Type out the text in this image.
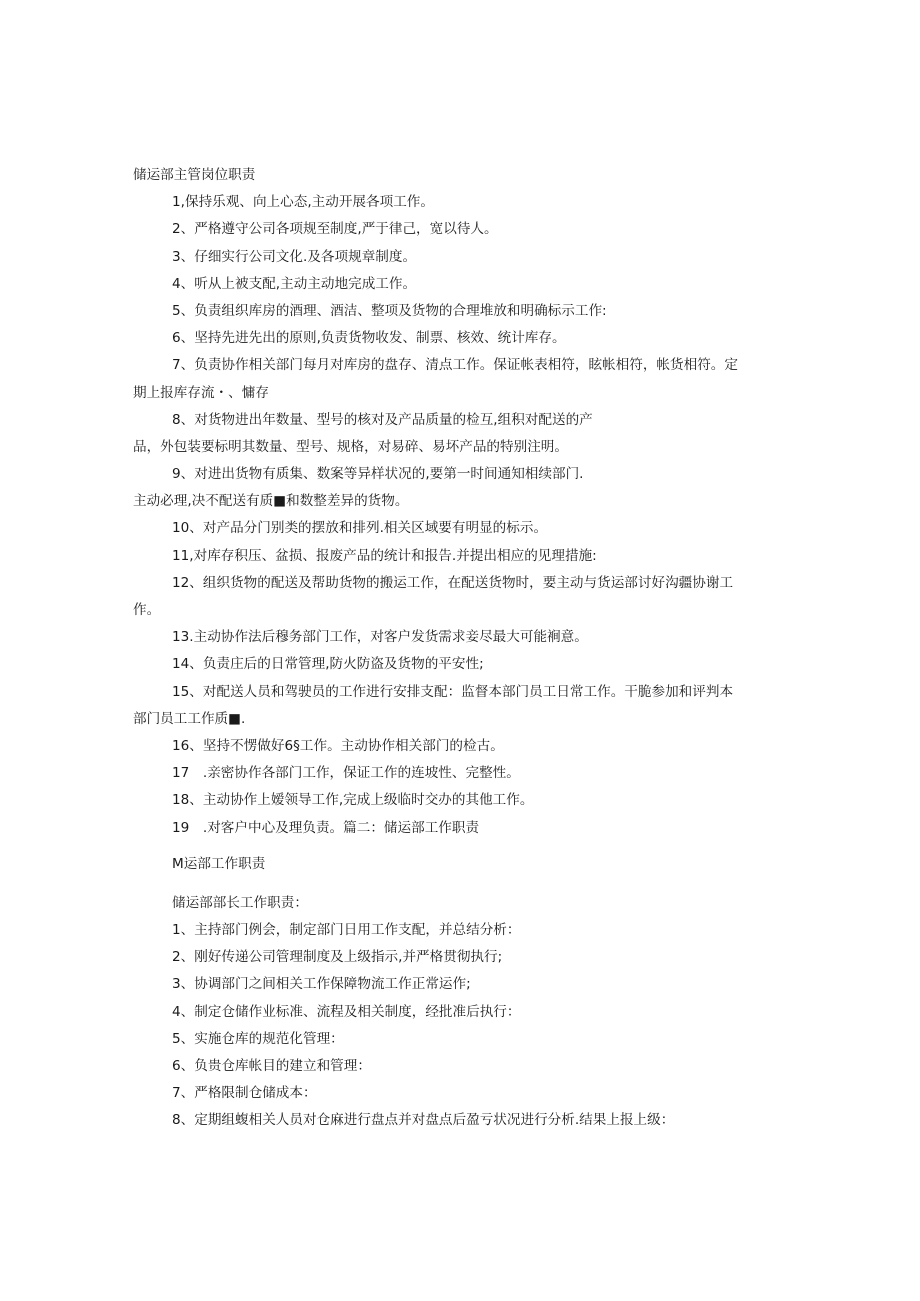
储运部主管岗位职责
1,保持乐观、向上心态,主动开展各项工作。
2、严格遵守公司各项规至制度,严于律己，宽以待人。
3、仔细实行公司文化.及各项规章制度。
4、听从上被支配,主动主动地完成工作。
5、负责组织库房的酒理、酒洁、整项及货物的合理堆放和明确标示工作:
6、坚持先进先出的原则,负责货物收发、制票、核效、统计库存。
7、负责协作相关部门每月对库房的盘存、清点工作。保证帐表相符，眩帐相符，帐货相符。定
期上报库存流・、慵存
8、对货物进出年数量、型号的核对及产品质量的检互,组积对配送的产
品，外包装要标明其数量、型号、规格，对易碎、易坏产品的特别注明。
9、对进出货物有质集、数案等异样状况的,要第一时间通知相续部门.
主动必理,决不配送有质■和数整差异的货物。
10、对产品分门别类的摆放和排列.相关区域要有明显的标示。
11,对库存积压、盆损、报废产品的统计和报告.并提出相应的见理措施:
12、组织货物的配送及帮助货物的搬运工作，在配送货物时，要主动与货运部讨好沟疆协谢工
作。
13.主动协作法后穆务部门工作，对客户发货需求妾尽最大可能裥意。
14、负责庄后的日常管理,防火防盗及货物的平安性;
15、对配送人员和驾驶员的工作进行安排支配：监督本部门员工日常工作。干脆参加和评判本
部门员工工作质■.
16、坚持不愣做好6§工作。主动协作相关部门的检古。
17　.亲密协作各部门工作，保证工作的连坡性、完整性。
18、主动协作上嫒领导工作,完成上级临时交办的其他工作。
19　.对客户中心及理负责。篇二：储运部工作职责
M运部工作职责
储运部部长工作职责：
1、主持部门例会，制定部门日用工作支配，并总结分析：
2、刚好传递公司管理制度及上级指示,并严格贯彻执行;
3、协调部门之间相关工作保障物流工作正常运作;
4、制定仓储作业标准、流程及相关制度，经批准后执行：
5、实施仓库的规范化管理：
6、负贵仓库帐目的建立和管理：
7、严格限制仓储成本：
8、定期组蝮相关人员对仓麻进行盘点并对盘点后盈亏状况进行分析.结果上报上级：
